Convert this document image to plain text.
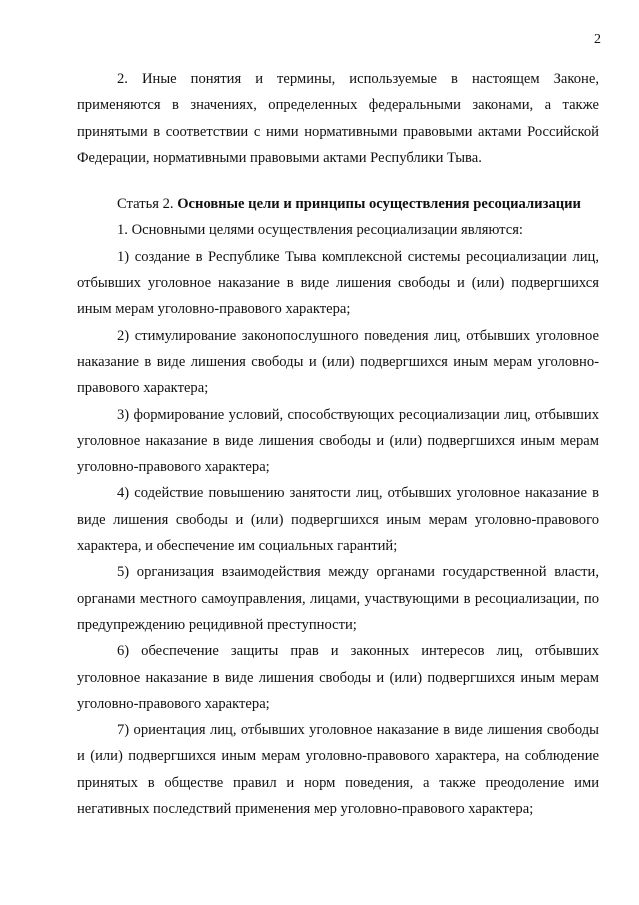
2

2. Иные понятия и термины, используемые в настоящем Законе, применяются в значениях, определенных федеральными законами, а также принятыми в соответствии с ними нормативными правовыми актами Российской Федерации, нормативными правовыми актами Республики Тыва.

Статья 2. Основные цели и принципы осуществления ресоциализации

1. Основными целями осуществления ресоциализации являются:

1) создание в Республике Тыва комплексной системы ресоциализации лиц, отбывших уголовное наказание в виде лишения свободы и (или) подвергшихся иным мерам уголовно-правового характера;

2) стимулирование законопослушного поведения лиц, отбывших уголовное наказание в виде лишения свободы и (или) подвергшихся иным мерам уголовно-правового характера;

3) формирование условий, способствующих ресоциализации лиц, отбывших уголовное наказание в виде лишения свободы и (или) подвергшихся иным мерам уголовно-правового характера;

4) содействие повышению занятости лиц, отбывших уголовное наказание в виде лишения свободы и (или) подвергшихся иным мерам уголовно-правового характера, и обеспечение им социальных гарантий;

5) организация взаимодействия между органами государственной власти, органами местного самоуправления, лицами, участвующими в ресоциализации, по предупреждению рецидивной преступности;

6) обеспечение защиты прав и законных интересов лиц, отбывших уголовное наказание в виде лишения свободы и (или) подвергшихся иным мерам уголовно-правового характера;

7) ориентация лиц, отбывших уголовное наказание в виде лишения свободы и (или) подвергшихся иным мерам уголовно-правового характера, на соблюдение принятых в обществе правил и норм поведения, а также преодоление ими негативных последствий применения мер уголовно-правового характера;
